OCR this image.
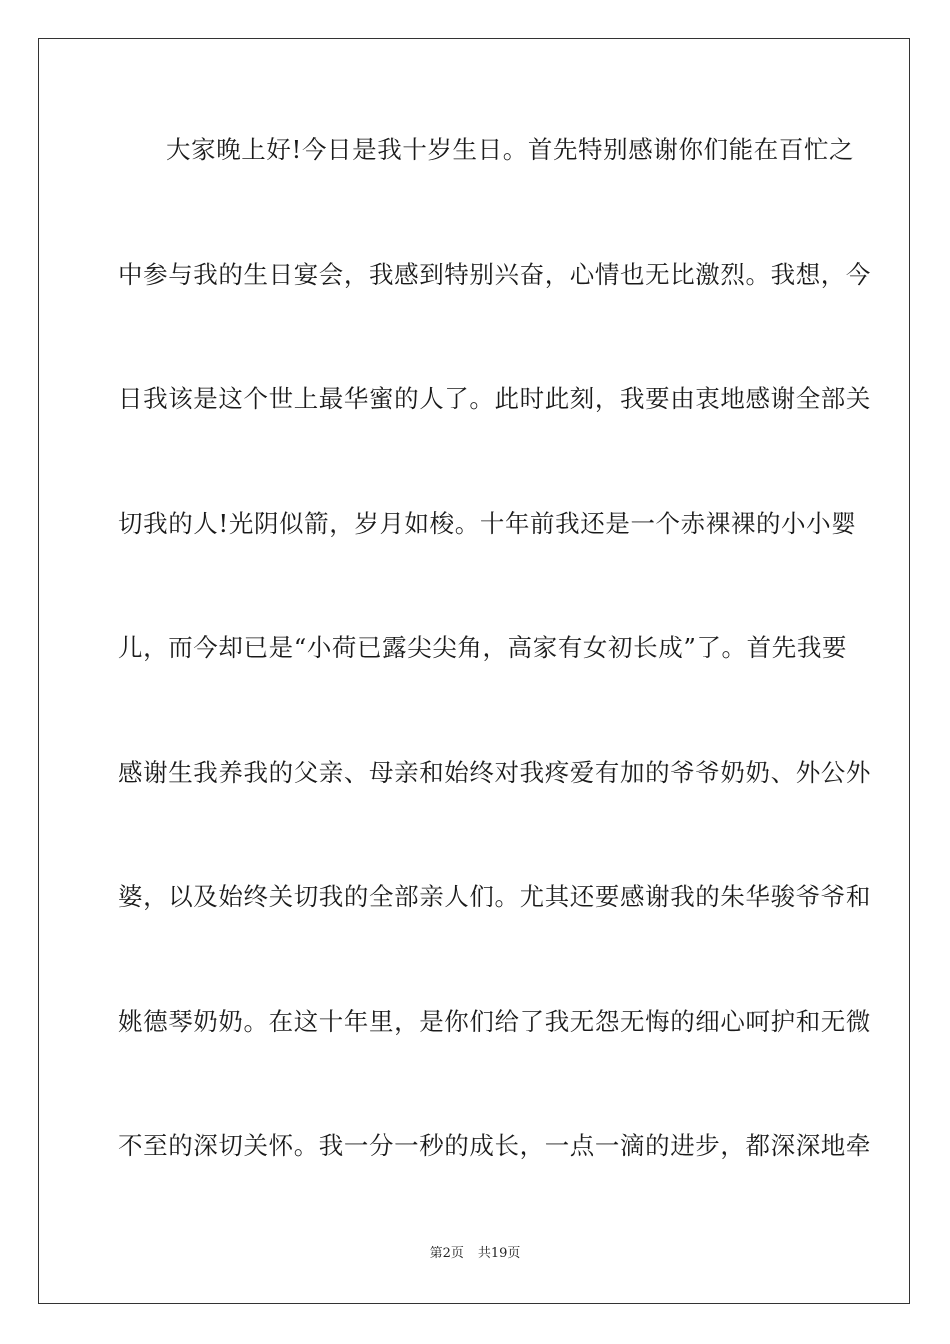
大家晚上好!今日是我十岁生日。首先特别感谢你们能在百忙之
中参与我的生日宴会，我感到特别兴奋，心情也无比激烈。我想，今
日我该是这个世上最华蜜的人了。此时此刻，我要由衷地感谢全部关
切我的人!光阴似箭，岁月如梭。十年前我还是一个赤裸裸的小小婴
儿，而今却已是“小荷已露尖尖角，高家有女初长成”了。首先我要
感谢生我养我的父亲、母亲和始终对我疼爱有加的爷爷奶奶、外公外
婆，以及始终关切我的全部亲人们。尤其还要感谢我的朱华骏爷爷和
姚德琴奶奶。在这十年里，是你们给了我无怨无悔的细心呵护和无微
不至的深切关怀。我一分一秒的成长，一点一滴的进步，都深深地牵
第2页 共19页
